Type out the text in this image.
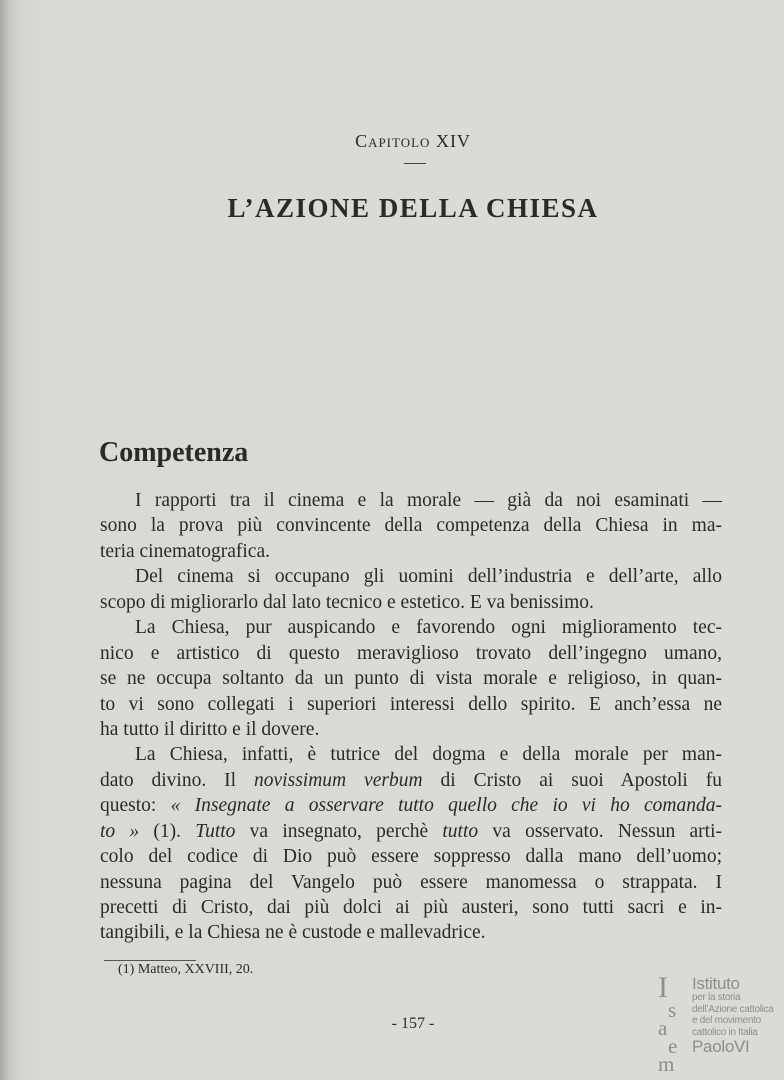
Capitolo XIV
L’AZIONE DELLA CHIESA
Competenza
I rapporti tra il cinema e la morale — già da noi esaminati —
sono la prova più convincente della competenza della Chiesa in ma-
teria cinematografica.
Del cinema si occupano gli uomini dell’industria e dell’arte, allo
scopo di migliorarlo dal lato tecnico e estetico. E va benissimo.
La Chiesa, pur auspicando e favorendo ogni miglioramento tec-
nico e artistico di questo meraviglioso trovato dell’ingegno umano,
se ne occupa soltanto da un punto di vista morale e religioso, in quan-
to vi sono collegati i superiori interessi dello spirito. E anch’essa ne
ha tutto il diritto e il dovere.
La Chiesa, infatti, è tutrice del dogma e della morale per man-
dato divino. Il novissimum verbum di Cristo ai suoi Apostoli fu
questo: « Insegnate a osservare tutto quello che io vi ho comanda-
to » (1). Tutto va insegnato, perchè tutto va osservato. Nessun arti-
colo del codice di Dio può essere soppresso dalla mano dell’uomo;
nessuna pagina del Vangelo può essere manomessa o strappata. I
precetti di Cristo, dai più dolci ai più austeri, sono tutti sacri e in-
tangibili, e la Chiesa ne è custode e mallevadrice.
(1) Matteo, XXVIII, 20.
- 157 -
I
s
a
e
m
Istituto
per la storia
dell’Azione cattolica
e del movimento
cattolico in Italia
PaoloVI
